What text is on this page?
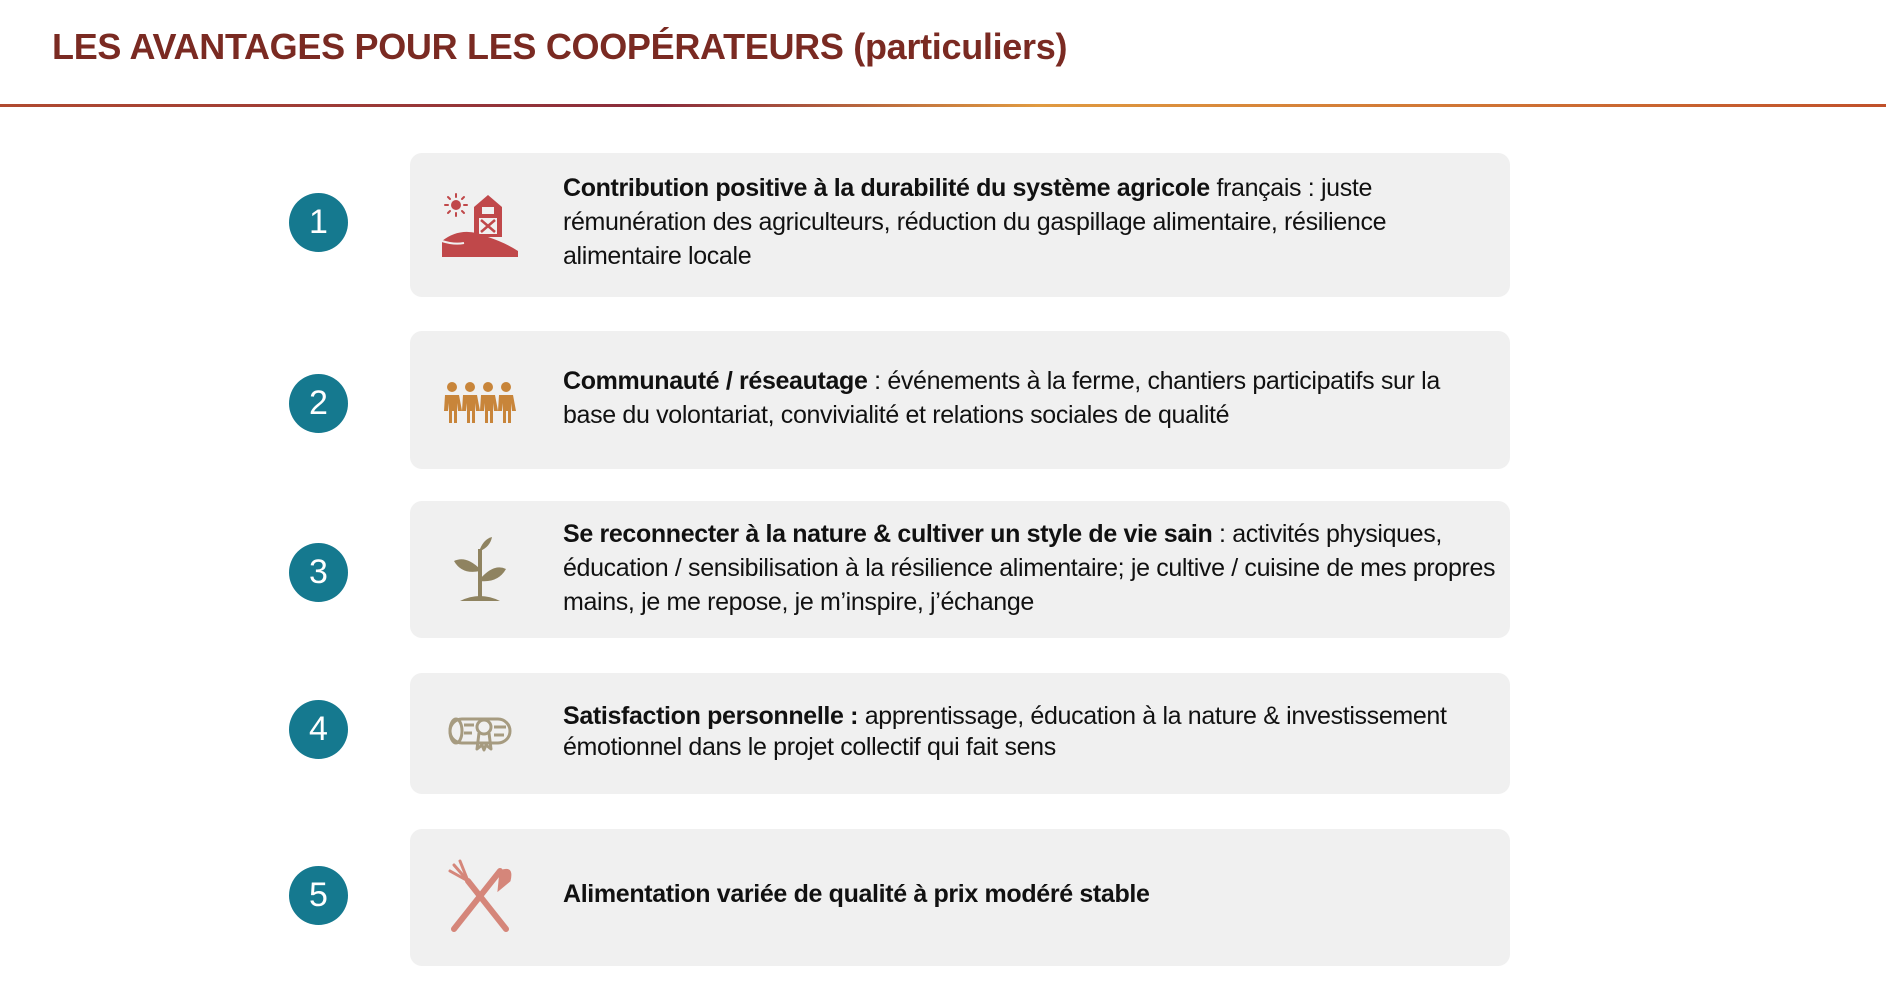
LES AVANTAGES POUR LES COOPÉRATEURS (particuliers)
1
Contribution positive à la durabilité du système agricole français : juste rémunération des agriculteurs, réduction du gaspillage alimentaire, résilience alimentaire locale
2
Communauté / réseautage : événements à la ferme, chantiers participatifs sur la base du volontariat, convivialité et relations sociales de qualité
3
Se reconnecter à la nature & cultiver un style de vie sain : activités physiques, éducation / sensibilisation à la résilience alimentaire; je cultive / cuisine de mes propres mains, je me repose, je m’inspire, j’échange
4	Satisfaction personnelle : apprentissage, éducation à la nature & investissement émotionnel dans le projet collectif qui fait sens
5	Alimentation variée de qualité à prix modéré stable
